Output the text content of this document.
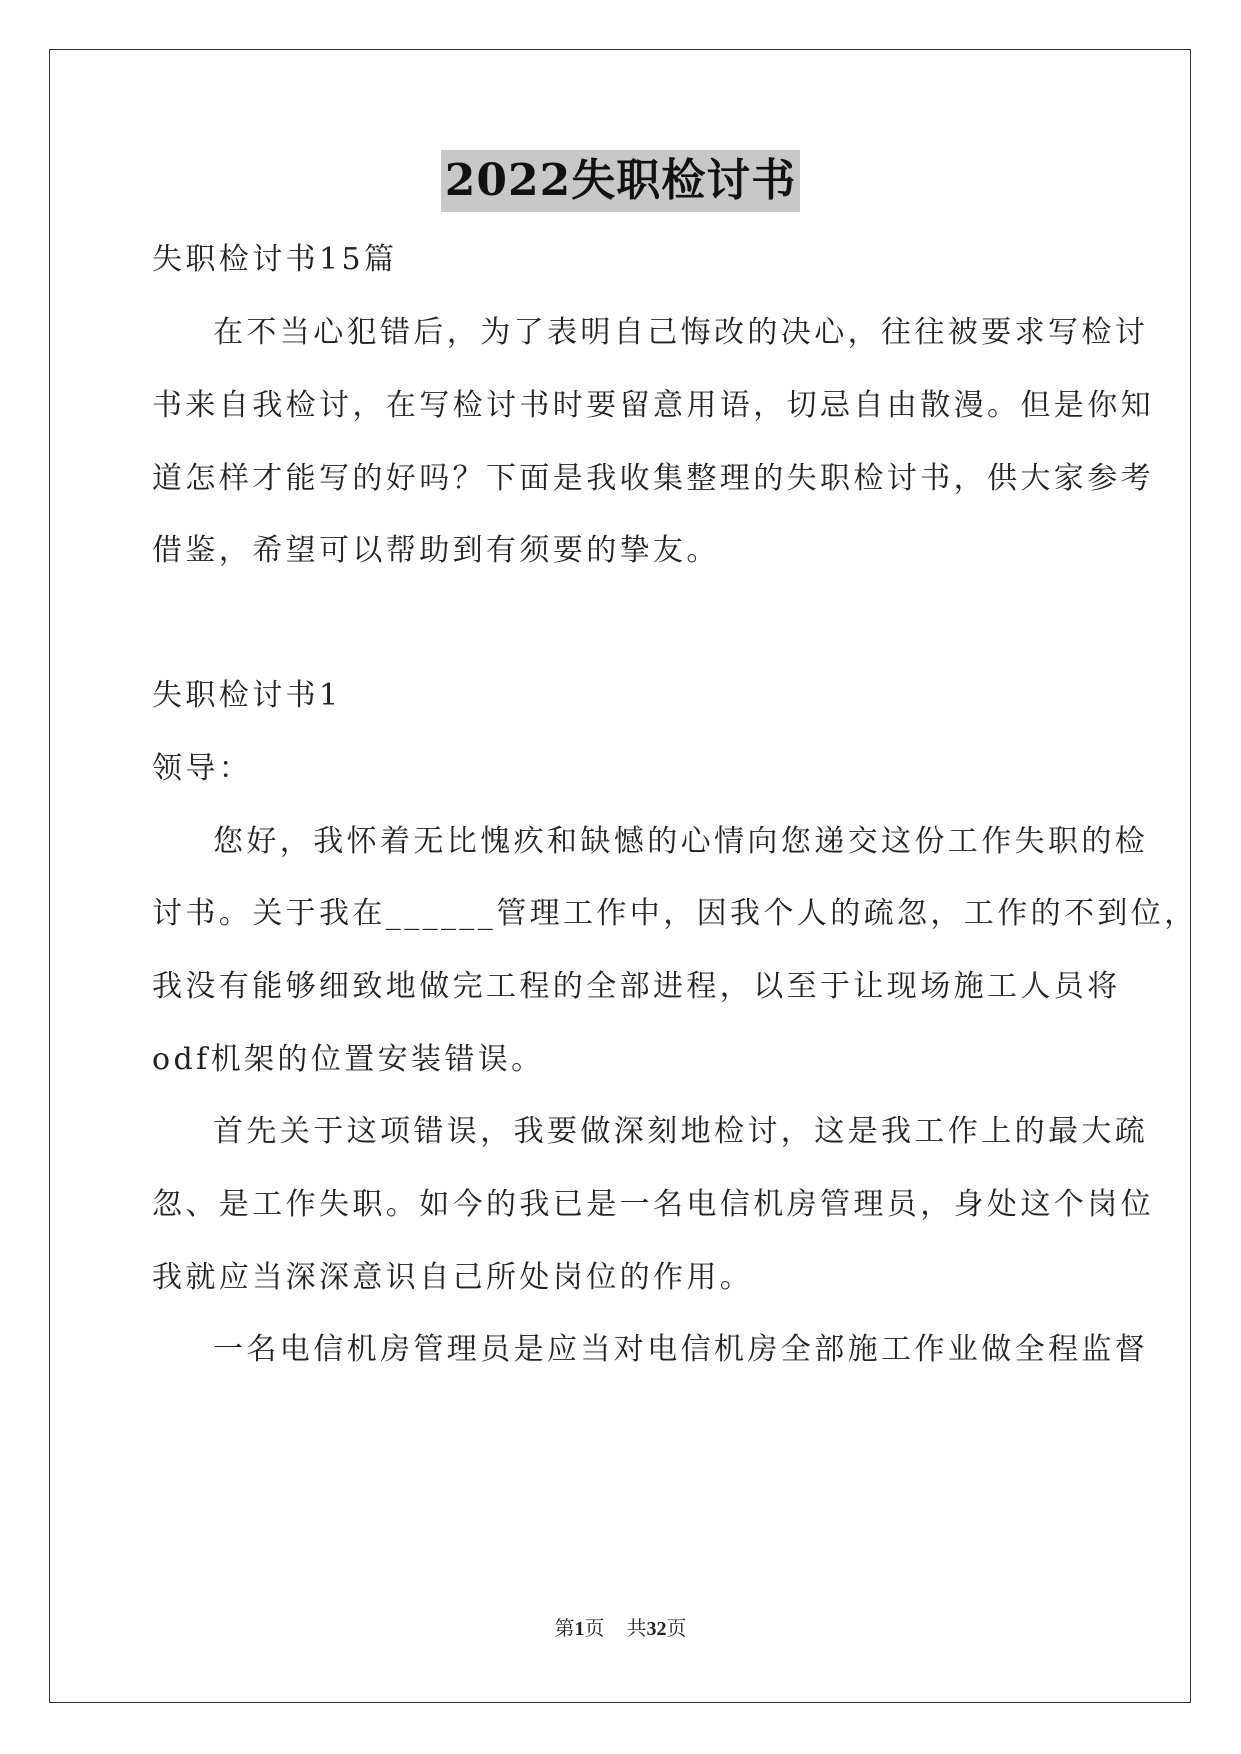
2022失职检讨书
失职检讨书15篇
在不当心犯错后，为了表明自己悔改的决心，往往被要求写检讨
书来自我检讨，在写检讨书时要留意用语，切忌自由散漫。但是你知
道怎样才能写的好吗？下面是我收集整理的失职检讨书，供大家参考
借鉴，希望可以帮助到有须要的挚友。
失职检讨书1
领导：
您好，我怀着无比愧疚和缺憾的心情向您递交这份工作失职的检
讨书。关于我在______管理工作中，因我个人的疏忽，工作的不到位，
我没有能够细致地做完工程的全部进程，以至于让现场施工人员将
odf机架的位置安装错误。
首先关于这项错误，我要做深刻地检讨，这是我工作上的最大疏
忽、是工作失职。如今的我已是一名电信机房管理员，身处这个岗位
我就应当深深意识自己所处岗位的作用。
一名电信机房管理员是应当对电信机房全部施工作业做全程监督
第1页 共32页
